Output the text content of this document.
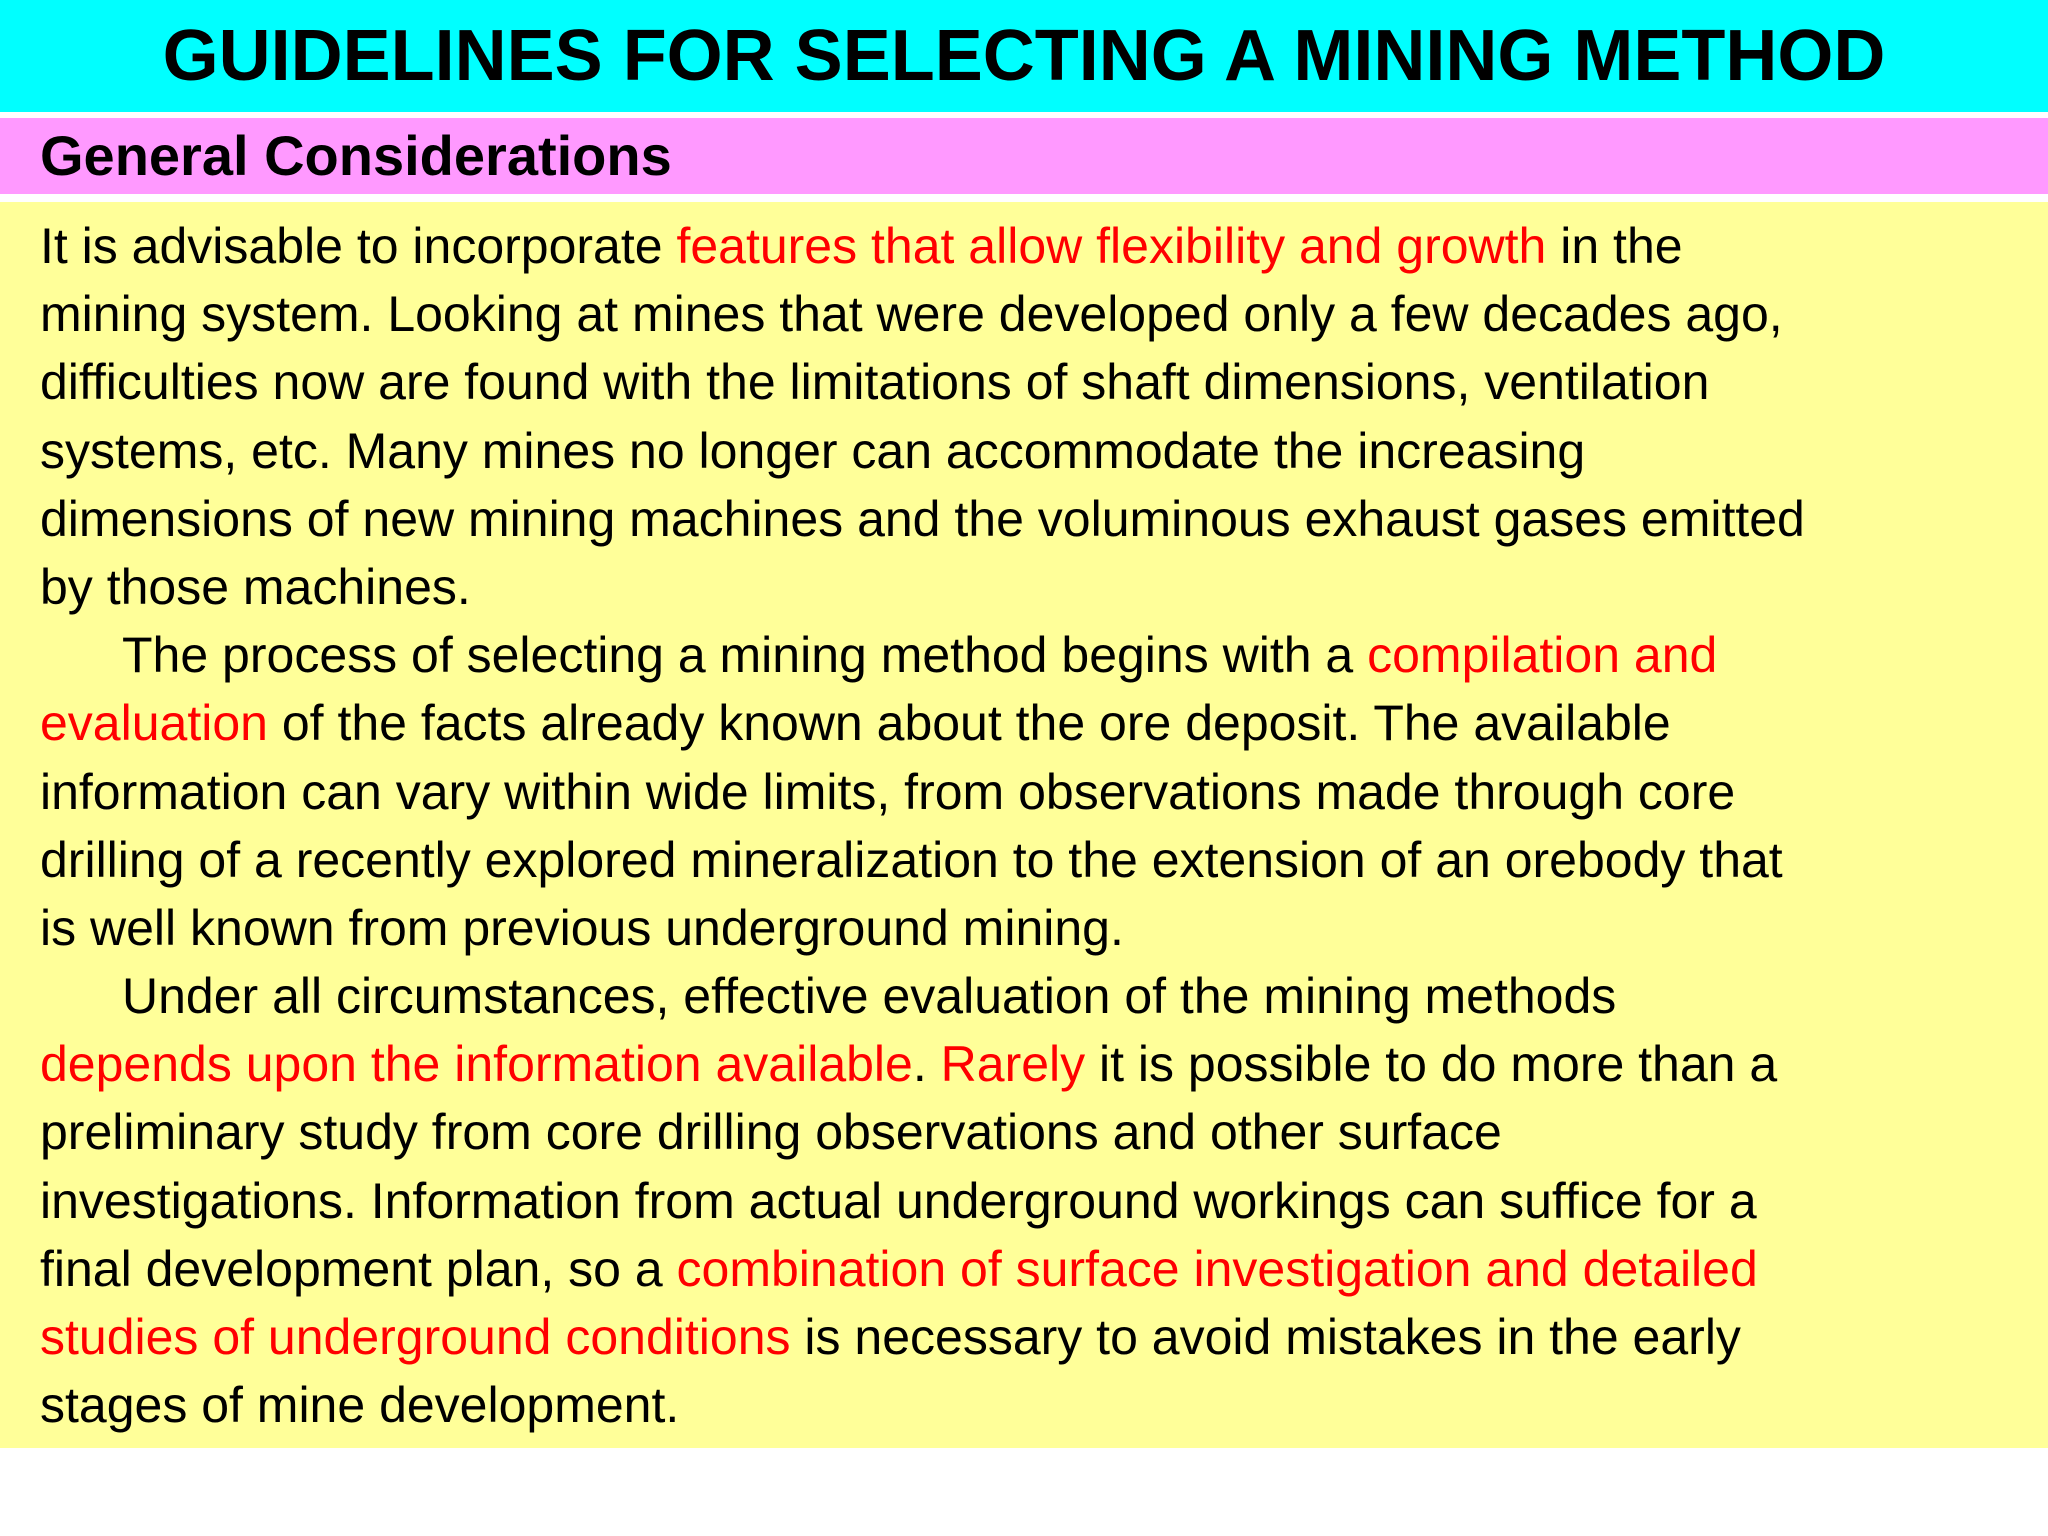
GUIDELINES FOR SELECTING A MINING METHOD
General Considerations
It is advisable to incorporate features that allow flexibility and growth in the
mining system. Looking at mines that were developed only a few decades ago,
difficulties now are found with the limitations of shaft dimensions, ventilation
systems, etc. Many mines no longer can accommodate the increasing
dimensions of new mining machines and the voluminous exhaust gases emitted
by those machines.
The process of selecting a mining method begins with a compilation and
evaluation of the facts already known about the ore deposit. The available
information can vary within wide limits, from observations made through core
drilling of a recently explored mineralization to the extension of an orebody that
is well known from previous underground mining.
Under all circumstances, effective evaluation of the mining methods
depends upon the information available. Rarely it is possible to do more than a
preliminary study from core drilling observations and other surface
investigations. Information from actual underground workings can suffice for a
final development plan, so a combination of surface investigation and detailed
studies of underground conditions is necessary to avoid mistakes in the early
stages of mine development.
